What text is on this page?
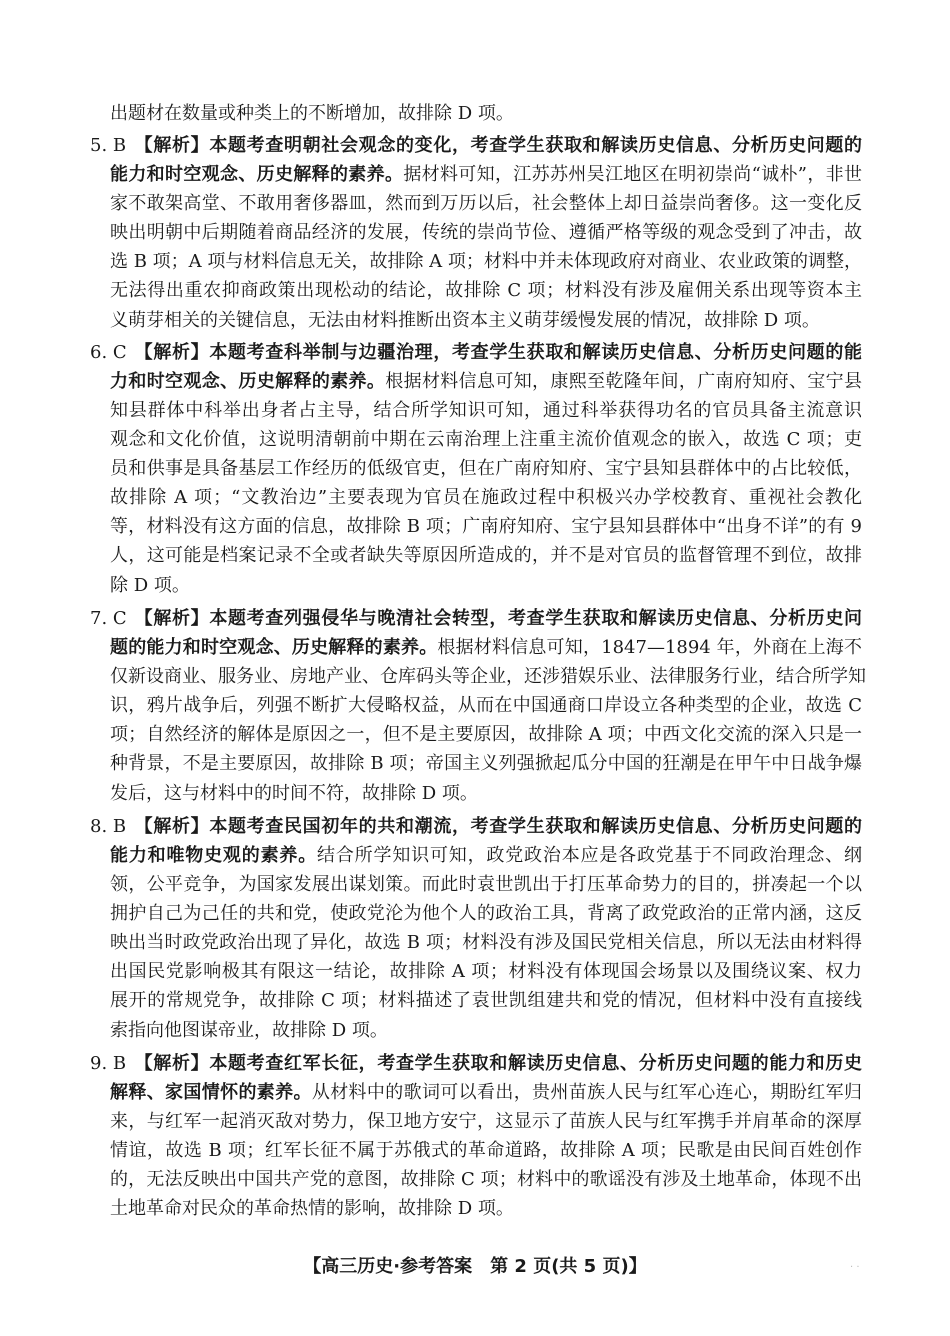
出题材在数量或种类上的不断增加，故排除 D 项。
5. B 【解析】本题考查明朝社会观念的变化，考查学生获取和解读历史信息、分析历史问题的
能力和时空观念、历史解释的素养。据材料可知，江苏苏州吴江地区在明初崇尚“诚朴”，非世
家不敢架高堂、不敢用奢侈器皿，然而到万历以后，社会整体上却日益崇尚奢侈。这一变化反
映出明朝中后期随着商品经济的发展，传统的崇尚节俭、遵循严格等级的观念受到了冲击，故
选 B 项；A 项与材料信息无关，故排除 A 项；材料中并未体现政府对商业、农业政策的调整，
无法得出重农抑商政策出现松动的结论，故排除 C 项；材料没有涉及雇佣关系出现等资本主
义萌芽相关的关键信息，无法由材料推断出资本主义萌芽缓慢发展的情况，故排除 D 项。
6. C 【解析】本题考查科举制与边疆治理，考查学生获取和解读历史信息、分析历史问题的能
力和时空观念、历史解释的素养。根据材料信息可知，康熙至乾隆年间，广南府知府、宝宁县
知县群体中科举出身者占主导，结合所学知识可知，通过科举获得功名的官员具备主流意识
观念和文化价值，这说明清朝前中期在云南治理上注重主流价值观念的嵌入，故选 C 项；吏
员和供事是具备基层工作经历的低级官吏，但在广南府知府、宝宁县知县群体中的占比较低，
故排除 A 项；“文教治边”主要表现为官员在施政过程中积极兴办学校教育、重视社会教化
等，材料没有这方面的信息，故排除 B 项；广南府知府、宝宁县知县群体中“出身不详”的有 9
人，这可能是档案记录不全或者缺失等原因所造成的，并不是对官员的监督管理不到位，故排
除 D 项。
7. C 【解析】本题考查列强侵华与晚清社会转型，考查学生获取和解读历史信息、分析历史问
题的能力和时空观念、历史解释的素养。根据材料信息可知，1847—1894 年，外商在上海不
仅新设商业、服务业、房地产业、仓库码头等企业，还涉猎娱乐业、法律服务行业，结合所学知
识，鸦片战争后，列强不断扩大侵略权益，从而在中国通商口岸设立各种类型的企业，故选 C
项；自然经济的解体是原因之一，但不是主要原因，故排除 A 项；中西文化交流的深入只是一
种背景，不是主要原因，故排除 B 项；帝国主义列强掀起瓜分中国的狂潮是在甲午中日战争爆
发后，这与材料中的时间不符，故排除 D 项。
8. B 【解析】本题考查民国初年的共和潮流，考查学生获取和解读历史信息、分析历史问题的
能力和唯物史观的素养。结合所学知识可知，政党政治本应是各政党基于不同政治理念、纲
领，公平竞争，为国家发展出谋划策。而此时袁世凯出于打压革命势力的目的，拼凑起一个以
拥护自己为己任的共和党，使政党沦为他个人的政治工具，背离了政党政治的正常内涵，这反
映出当时政党政治出现了异化，故选 B 项；材料没有涉及国民党相关信息，所以无法由材料得
出国民党影响极其有限这一结论，故排除 A 项；材料没有体现国会场景以及围绕议案、权力
展开的常规党争，故排除 C 项；材料描述了袁世凯组建共和党的情况，但材料中没有直接线
索指向他图谋帝业，故排除 D 项。
9. B 【解析】本题考查红军长征，考查学生获取和解读历史信息、分析历史问题的能力和历史
解释、家国情怀的素养。从材料中的歌词可以看出，贵州苗族人民与红军心连心，期盼红军归
来，与红军一起消灭敌对势力，保卫地方安宁，这显示了苗族人民与红军携手并肩革命的深厚
情谊，故选 B 项；红军长征不属于苏俄式的革命道路，故排除 A 项；民歌是由民间百姓创作
的，无法反映出中国共产党的意图，故排除 C 项；材料中的歌谣没有涉及土地革命，体现不出
土地革命对民众的革命热情的影响，故排除 D 项。
【高三历史·参考答案　第 2 页(共 5 页)】	· ·
